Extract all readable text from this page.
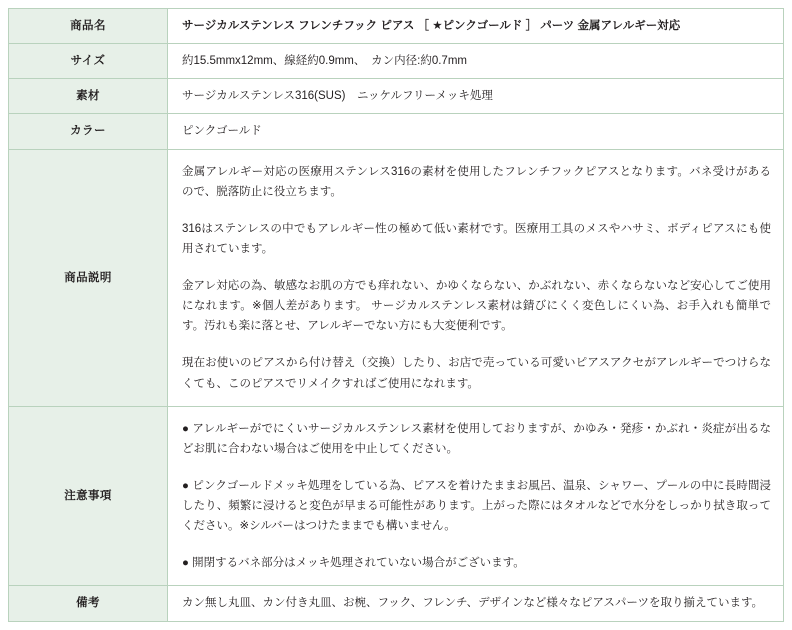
商品名	サージカルステンレス フレンチフック ピアス ［ ★ピンクゴールド ］ パーツ 金属アレルギー対応
サイズ	約15.5mmx12mm、線経約0.9mm、　カン内径:約0.7mm
素材	サージカルステンレス316(SUS)　ニッケルフリーメッキ処理
カラー	ピンクゴールド
商品説明	金属アレルギー対応の医療用ステンレス316の素材を使用したフレンチフックピアスとなります。バネ受けがあるので、脱落防止に役立ちます。

316はステンレスの中でもアレルギー性の極めて低い素材です。医療用工具のメスやハサミ、ボディピアスにも使用されています。

金アレ対応の為、敏感なお肌の方でも痒れない、かゆくならない、かぶれない、赤くならないなど安心してご使用になれます。※個人差があります。 サージカルステンレス素材は錆びにくく変色しにくい為、お手入れも簡単です。汚れも楽に落とせ、アレルギーでない方にも大変便利です。

現在お使いのピアスから付け替え（交換）したり、お店で売っている可愛いピアスアクセがアレルギーでつけらなくても、このピアスでリメイクすればご使用になれます。

注意事項	● アレルギーがでにくいサージカルステンレス素材を使用しておりますが、かゆみ・発疹・かぶれ・炎症が出るなどお肌に合わない場合はご使用を中止してください。

● ピンクゴールドメッキ処理をしている為、ピアスを着けたままお風呂、温泉、シャワー、プールの中に長時間浸したり、頻繁に浸けると変色が早まる可能性があります。上がった際にはタオルなどで水分をしっかり拭き取ってください。※シルバーはつけたままでも構いません。

● 開閉するバネ部分はメッキ処理されていない場合がございます。

備考	カン無し丸皿、カン付き丸皿、お椀、フック、フレンチ、デザインなど様々なピアスパーツを取り揃えています。
